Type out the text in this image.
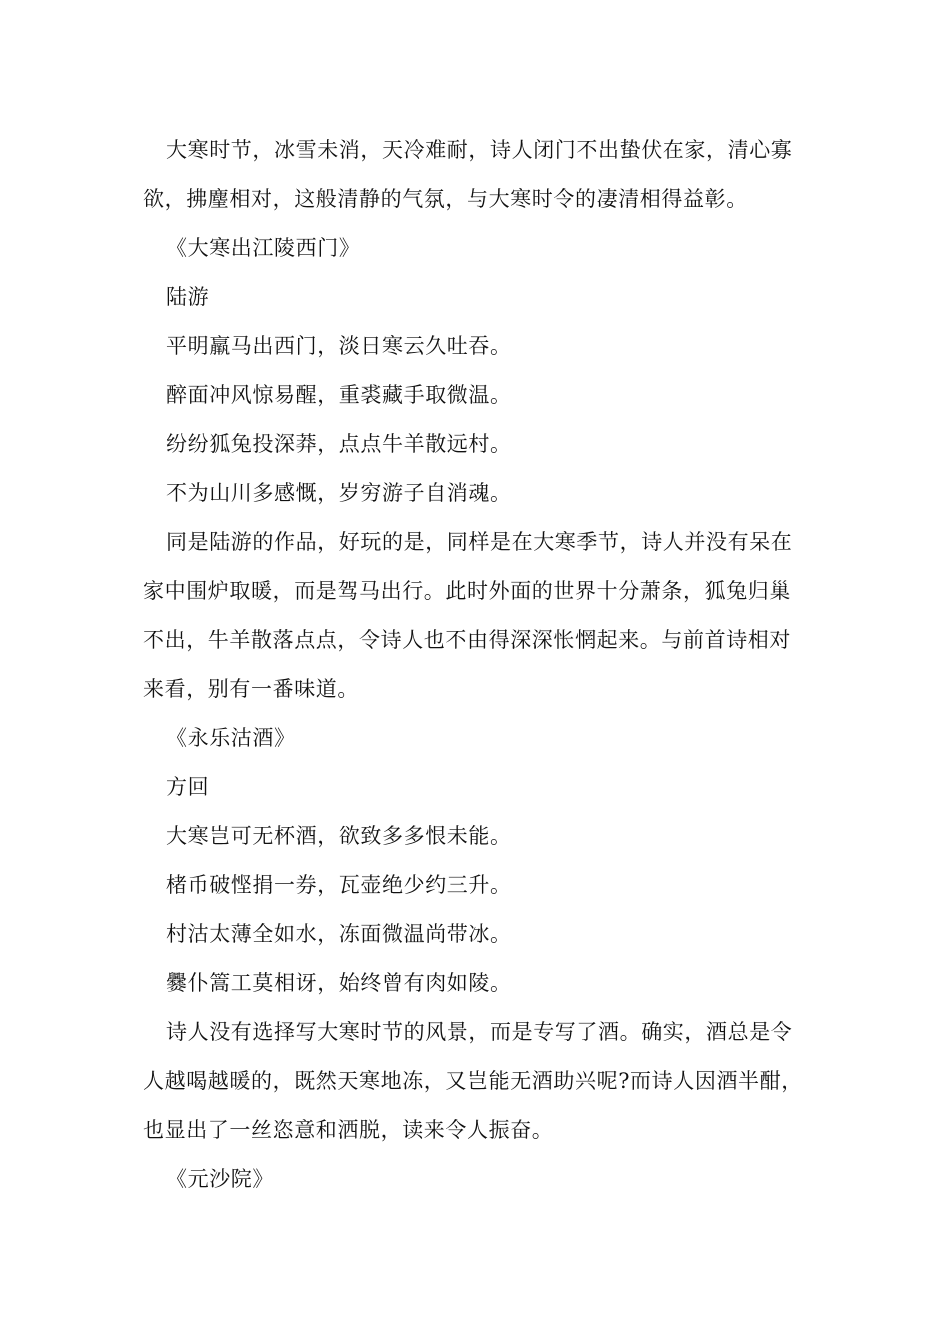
大寒时节，冰雪未消，天冷难耐，诗人闭门不出蛰伏在家，清心寡欲，拂麈相对，这般清静的气氛，与大寒时令的凄清相得益彰。
《大寒出江陵西门》
陆游
平明羸马出西门，淡日寒云久吐吞。
醉面冲风惊易醒，重裘藏手取微温。
纷纷狐兔投深莽，点点牛羊散远村。
不为山川多感慨，岁穷游子自消魂。
同是陆游的作品，好玩的是，同样是在大寒季节，诗人并没有呆在家中围炉取暖，而是驾马出行。此时外面的世界十分萧条，狐兔归巢不出，牛羊散落点点，令诗人也不由得深深怅惘起来。与前首诗相对来看，别有一番味道。
《永乐沽酒》
方回
大寒岂可无杯酒，欲致多多恨未能。
楮币破悭捐一券，瓦壶绝少约三升。
村沽太薄全如水，冻面微温尚带冰。
爨仆篙工莫相讶，始终曾有肉如陵。
诗人没有选择写大寒时节的风景，而是专写了酒。确实，酒总是令人越喝越暖的，既然天寒地冻，又岂能无酒助兴呢?而诗人因酒半酣，也显出了一丝恣意和洒脱，读来令人振奋。
《元沙院》
